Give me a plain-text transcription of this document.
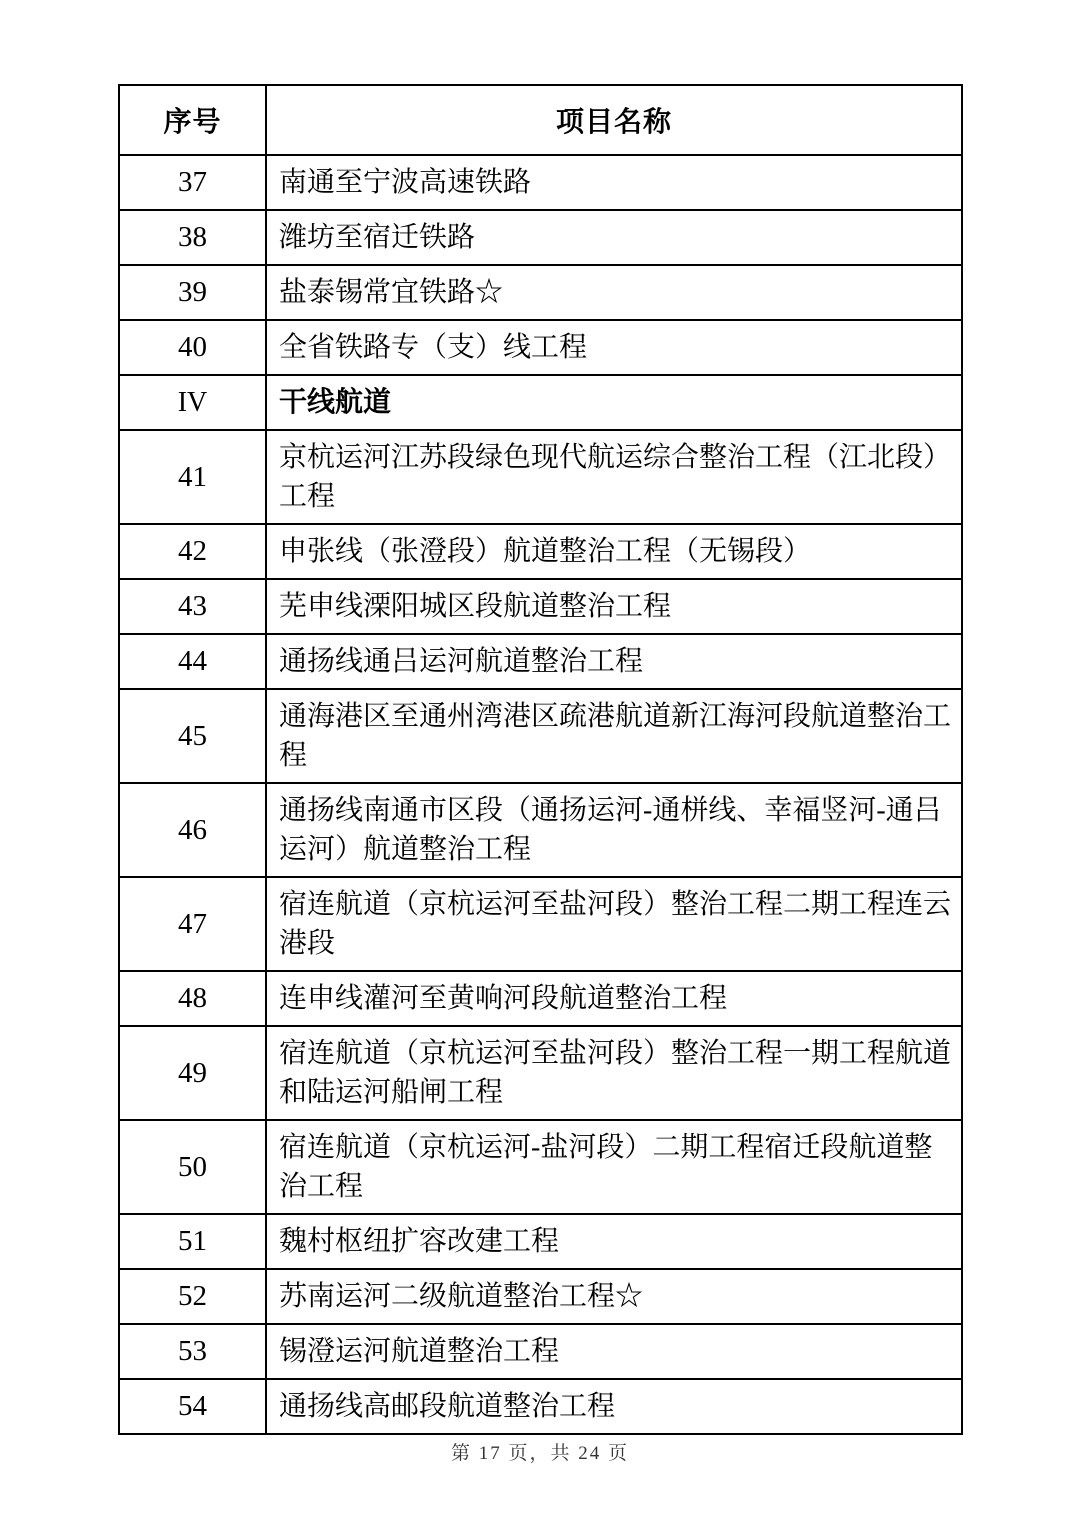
序号	项目名称
37	南通至宁波高速铁路
38	潍坊至宿迁铁路
39	盐泰锡常宜铁路☆
40	全省铁路专（支）线工程
IV	干线航道
41	京杭运河江苏段绿色现代航运综合整治工程（江北段）工程
42	申张线（张澄段）航道整治工程（无锡段）
43	芜申线溧阳城区段航道整治工程
44	通扬线通吕运河航道整治工程
45	通海港区至通州湾港区疏港航道新江海河段航道整治工程
46	通扬线南通市区段（通扬运河-通栟线、幸福竖河-通吕运河）航道整治工程
47	宿连航道（京杭运河至盐河段）整治工程二期工程连云港段
48	连申线灌河至黄响河段航道整治工程
49	宿连航道（京杭运河至盐河段）整治工程一期工程航道和陆运河船闸工程
50	宿连航道（京杭运河-盐河段）二期工程宿迁段航道整治工程
51	魏村枢纽扩容改建工程
52	苏南运河二级航道整治工程☆
53	锡澄运河航道整治工程
54	通扬线高邮段航道整治工程
第 17 页，共 24 页
